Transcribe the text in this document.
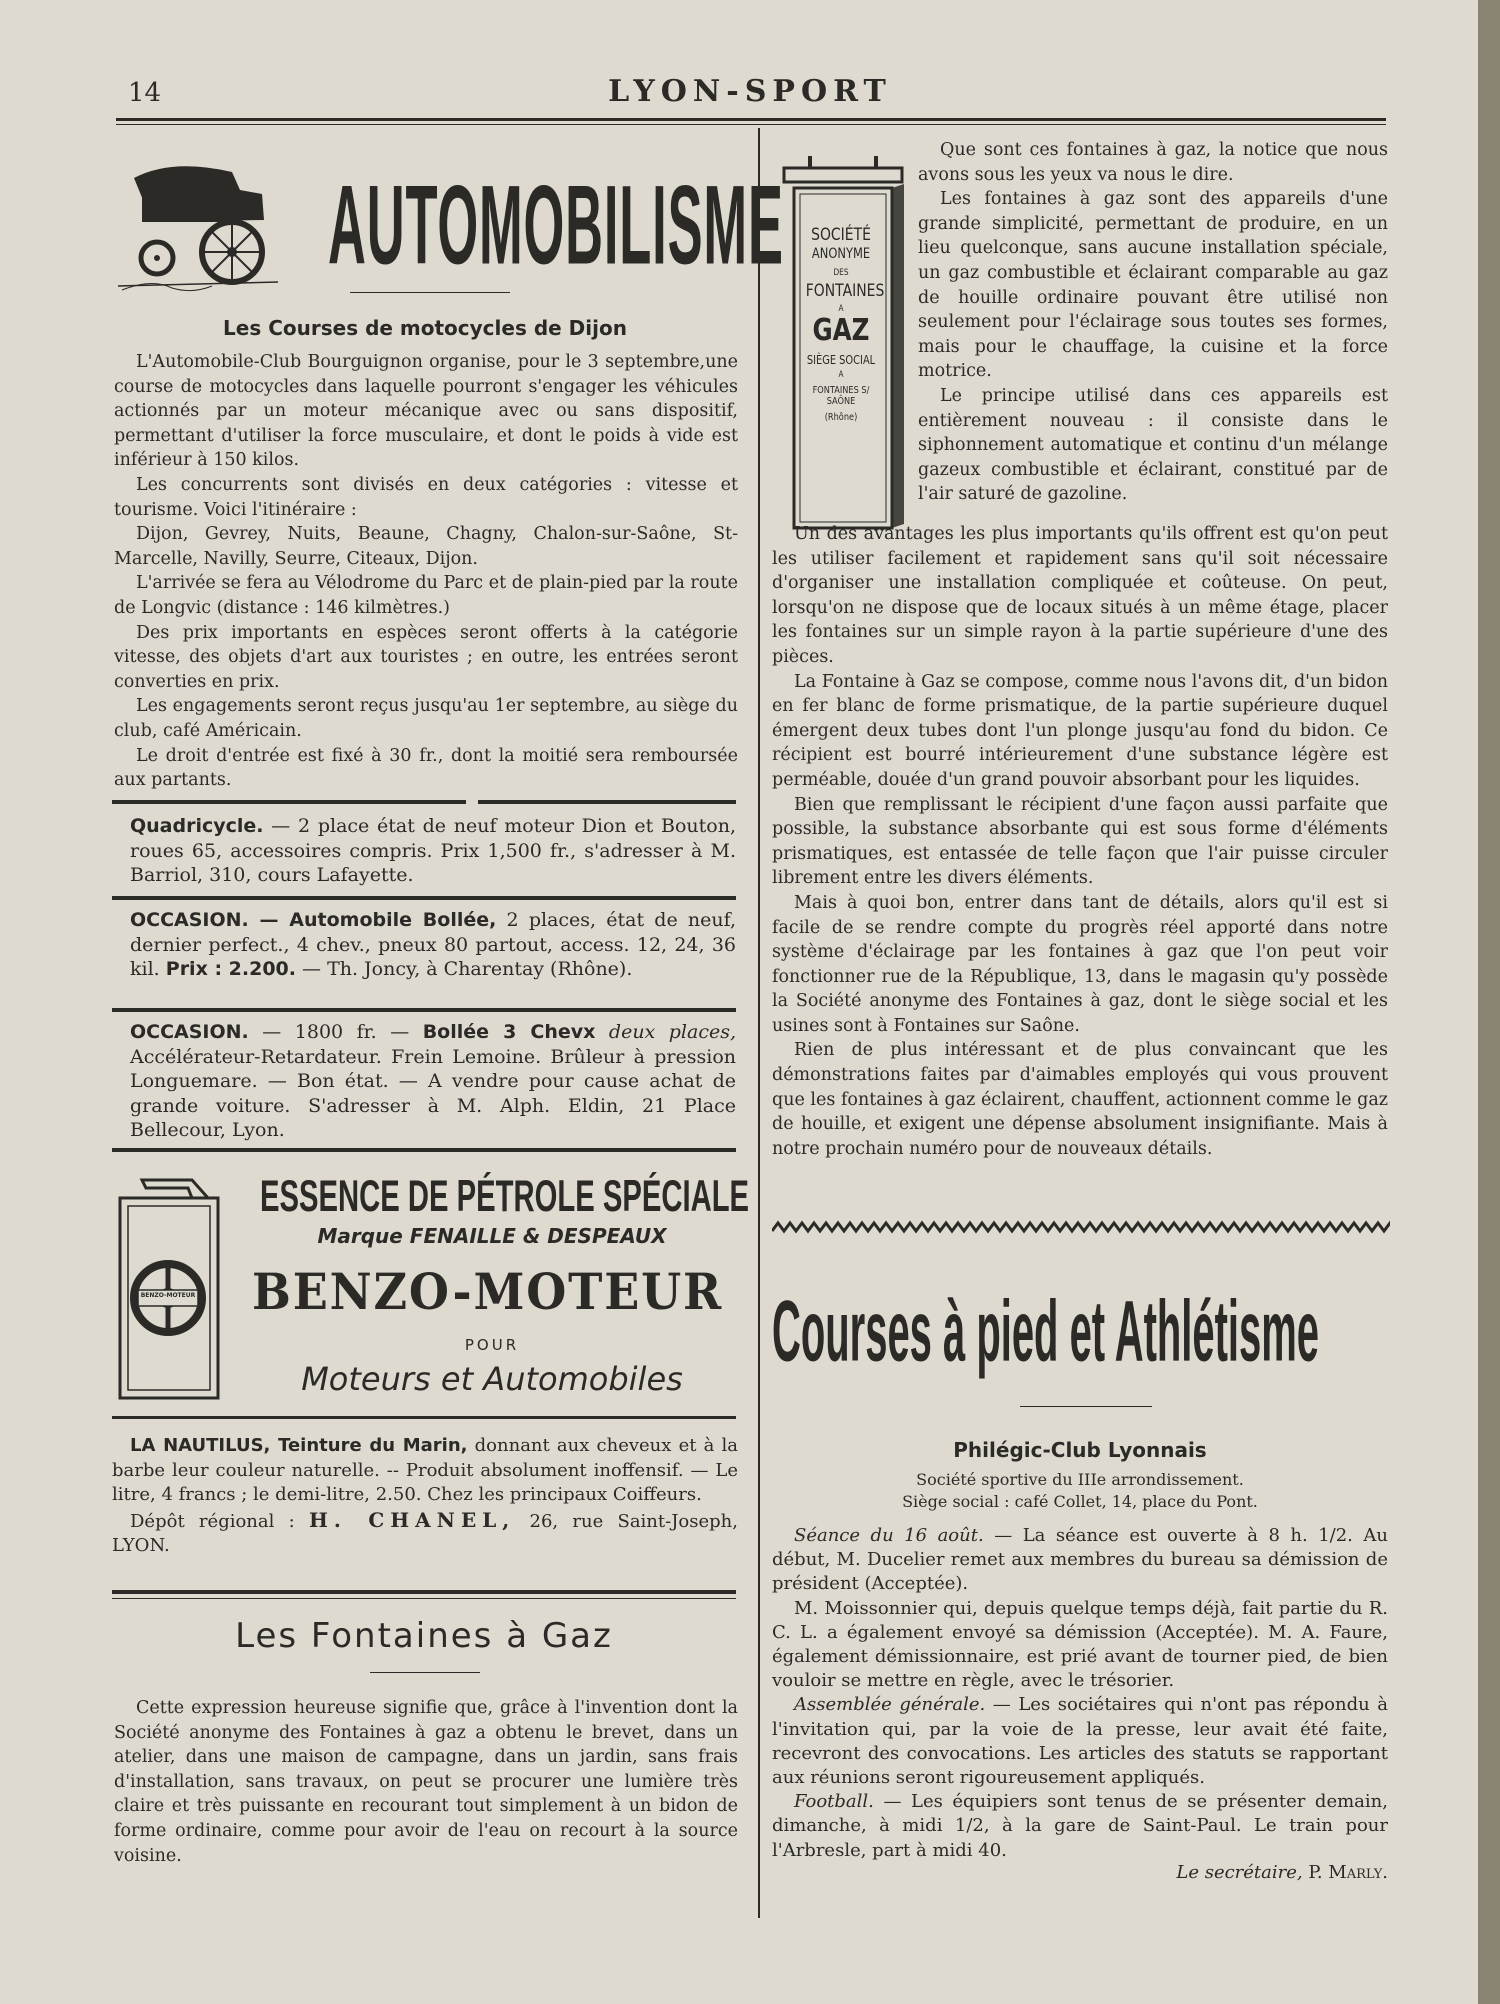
14	LYON-SPORT
AUTOMOBILISME
Les Courses de motocycles de Dijon

L'Automobile-Club Bourguignon organise, pour le 3 septembre,une course de motocycles dans laquelle pourront s'engager les véhicules actionnés par un moteur mécanique avec ou sans dispositif, permettant d'utiliser la force musculaire, et dont le poids à vide est inférieur à 150 kilos.

Les concurrents sont divisés en deux catégories : vitesse et tourisme. Voici l'itinéraire :

Dijon, Gevrey, Nuits, Beaune, Chagny, Chalon-sur-Saône, St-Marcelle, Navilly, Seurre, Citeaux, Dijon.

L'arrivée se fera au Vélodrome du Parc et de plain-pied par la route de Longvic (distance : 146 kilmètres.)

Des prix importants en espèces seront offerts à la catégorie vitesse, des objets d'art aux touristes ; en outre, les entrées seront converties en prix.

Les engagements seront reçus jusqu'au 1er septembre, au siège du club, café Américain.

Le droit d'entrée est fixé à 30 fr., dont la moitié sera remboursée aux partants.

Quadricycle. — 2 place état de neuf moteur Dion et Bouton, roues 65, accessoires compris. Prix 1,500 fr., s'adresser à M. Barriol, 310, cours Lafayette.

OCCASION. — Automobile Bollée, 2 places, état de neuf, dernier perfect., 4 chev., pneux 80 partout, access. 12, 24, 36 kil. Prix : 2.200. — Th. Joncy, à Charentay (Rhône).

OCCASION. — 1800 fr. — Bollée 3 Chevx deux places, Accélérateur-Retardateur. Frein Lemoine. Brûleur à pression Longuemare. — Bon état. — A vendre pour cause achat de grande voiture. S'adresser à M. Alph. Eldin, 21 Place Bellecour, Lyon.

BENZO-MOTEUR
ESSENCE DE PÉTROLE SPÉCIALE
Marque FENAILLE & DESPEAUX
BENZO-MOTEUR
POUR
Moteurs et Automobiles

LA NAUTILUS, Teinture du Marin, donnant aux cheveux et à la barbe leur couleur naturelle. -- Produit absolument inoffensif. — Le litre, 4 francs ; le demi-litre, 2.50. Chez les principaux Coiffeurs.

Dépôt régional : H. CHANEL, 26, rue Saint-Joseph, LYON.

Les Fontaines à Gaz

Cette expression heureuse signifie que, grâce à l'invention dont la Société anonyme des Fontaines à gaz a obtenu le brevet, dans un atelier, dans une maison de campagne, dans un jardin, sans frais d'installation, sans travaux, on peut se procurer une lumière très claire et très puissante en recourant tout simplement à un bidon de forme ordinaire, comme pour avoir de l'eau on recourt à la source voisine.

SOCIÉTÉ
ANONYME
DES
FONTAINES
A
GAZ
SIÈGE SOCIAL
A
FONTAINES S/ SAÔNE
(Rhône)

Que sont ces fontaines à gaz, la notice que nous avons sous les yeux va nous le dire.

Les fontaines à gaz sont des appareils d'une grande simplicité, permettant de produire, en un lieu quelconque, sans aucune installation spéciale, un gaz combustible et éclairant comparable au gaz de houille ordinaire pouvant être utilisé non seulement pour l'éclairage sous toutes ses formes, mais pour le chauffage, la cuisine et la force motrice.

Le principe utilisé dans ces appareils est entièrement nouveau : il consiste dans le siphonnement automatique et continu d'un mélange gazeux combustible et éclairant, constitué par de l'air saturé de gazoline.

Un des avantages les plus importants qu'ils offrent est qu'on peut les utiliser facilement et rapidement sans qu'il soit nécessaire d'organiser une installation compliquée et coûteuse. On peut, lorsqu'on ne dispose que de locaux situés à un même étage, placer les fontaines sur un simple rayon à la partie supérieure d'une des pièces.

La Fontaine à Gaz se compose, comme nous l'avons dit, d'un bidon en fer blanc de forme prismatique, de la partie supérieure duquel émergent deux tubes dont l'un plonge jusqu'au fond du bidon. Ce récipient est bourré intérieurement d'une substance légère est perméable, douée d'un grand pouvoir absorbant pour les liquides.

Bien que remplissant le récipient d'une façon aussi parfaite que possible, la substance absorbante qui est sous forme d'éléments prismatiques, est entassée de telle façon que l'air puisse circuler librement entre les divers éléments.

Mais à quoi bon, entrer dans tant de détails, alors qu'il est si facile de se rendre compte du progrès réel apporté dans notre système d'éclairage par les fontaines à gaz que l'on peut voir fonctionner rue de la République, 13, dans le magasin qu'y possède la Société anonyme des Fontaines à gaz, dont le siège social et les usines sont à Fontaines sur Saône.

Rien de plus intéressant et de plus convaincant que les démonstrations faites par d'aimables employés qui vous prouvent que les fontaines à gaz éclairent, chauffent, actionnent comme le gaz de houille, et exigent une dépense absolument insignifiante. Mais à notre prochain numéro pour de nouveaux détails.

Courses à pied et Athlétisme
Philégic-Club Lyonnais
Société sportive du IIIe arrondissement.
Siège social : café Collet, 14, place du Pont.

Séance du 16 août. — La séance est ouverte à 8 h. 1/2. Au début, M. Ducelier remet aux membres du bureau sa démission de président (Acceptée).

M. Moissonnier qui, depuis quelque temps déjà, fait partie du R. C. L. a également envoyé sa démission (Acceptée). M. A. Faure, également démissionnaire, est prié avant de tourner pied, de bien vouloir se mettre en règle, avec le trésorier.

Assemblée générale. — Les sociétaires qui n'ont pas répondu à l'invitation qui, par la voie de la presse, leur avait été faite, recevront des convocations. Les articles des statuts se rapportant aux réunions seront rigoureusement appliqués.

Football. — Les équipiers sont tenus de se présenter demain, dimanche, à midi 1/2, à la gare de Saint-Paul. Le train pour l'Arbresle, part à midi 40.

Le secrétaire, P. Marly.
